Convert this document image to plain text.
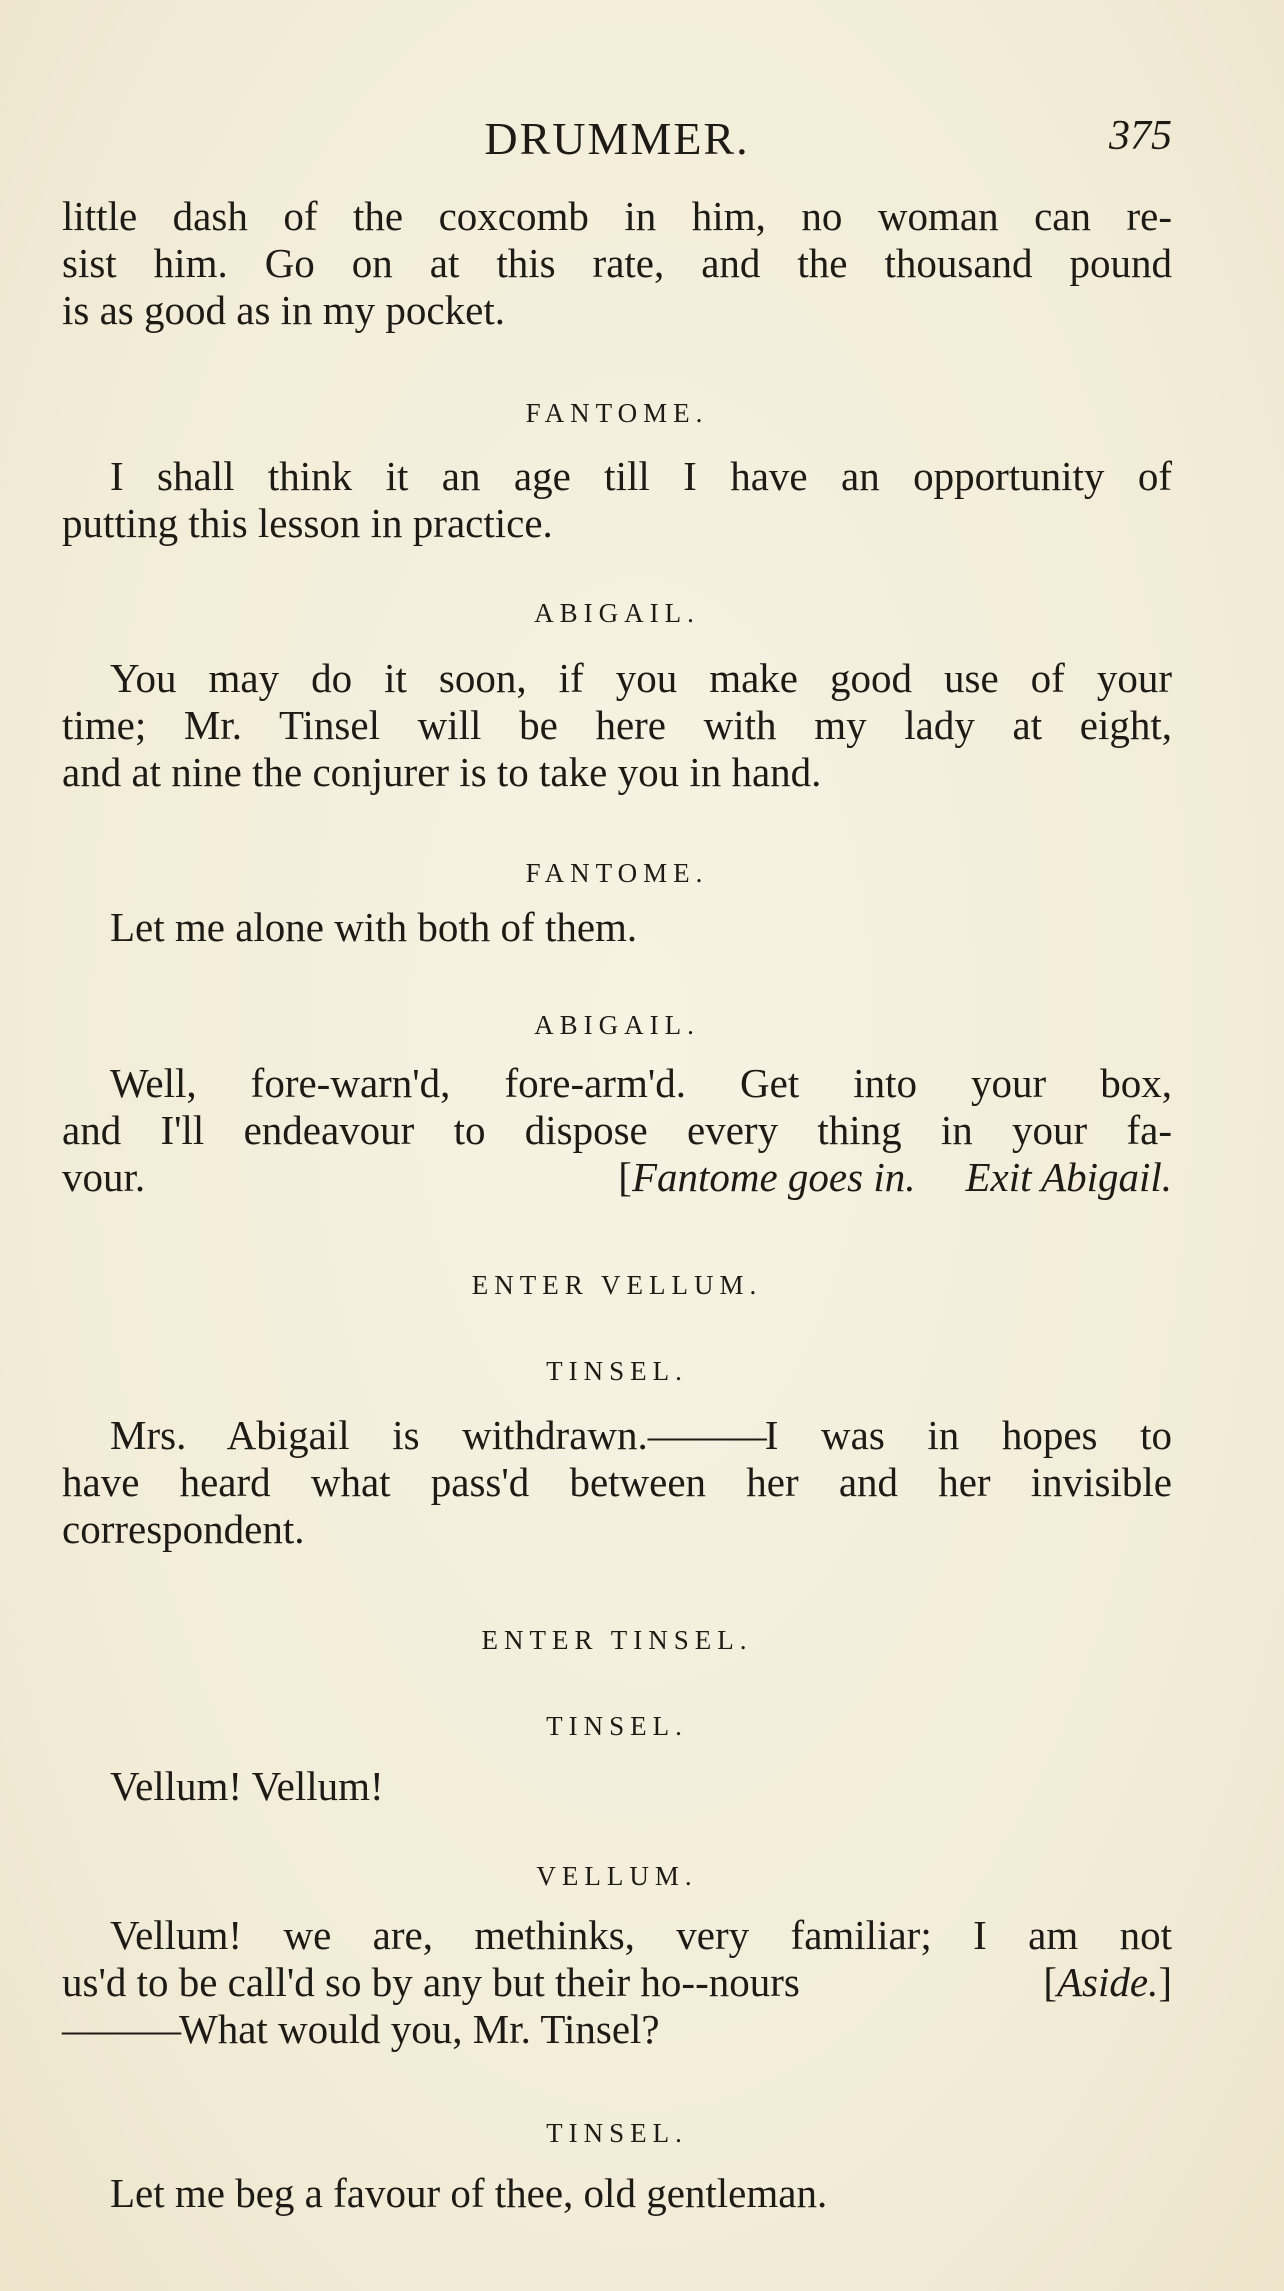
DRUMMER.	375
little dash of the coxcomb in him, no woman can re-
sist him. Go on at this rate, and the thousand pound
is as good as in my pocket.
FANTOME.
I shall think it an age till I have an opportunity of
putting this lesson in practice.
ABIGAIL.
You may do it soon, if you make good use of your
time; Mr. Tinsel will be here with my lady at eight,
and at nine the conjurer is to take you in hand.
FANTOME.
Let me alone with both of them.
ABIGAIL.
Well, fore-warn'd, fore-arm'd. Get into your box,
and I'll endeavour to dispose every thing in your fa-
vour.	[Fantome goes in. Exit Abigail.
ENTER VELLUM.
TINSEL.
Mrs. Abigail is withdrawn.———I was in hopes to
have heard what pass'd between her and her invisible
correspondent.
ENTER TINSEL.
TINSEL.
Vellum! Vellum!
VELLUM.
Vellum! we are, methinks, very familiar; I am not
us'd to be call'd so by any but their ho--nours	[Aside.]
———What would you, Mr. Tinsel?
TINSEL.
Let me beg a favour of thee, old gentleman.
